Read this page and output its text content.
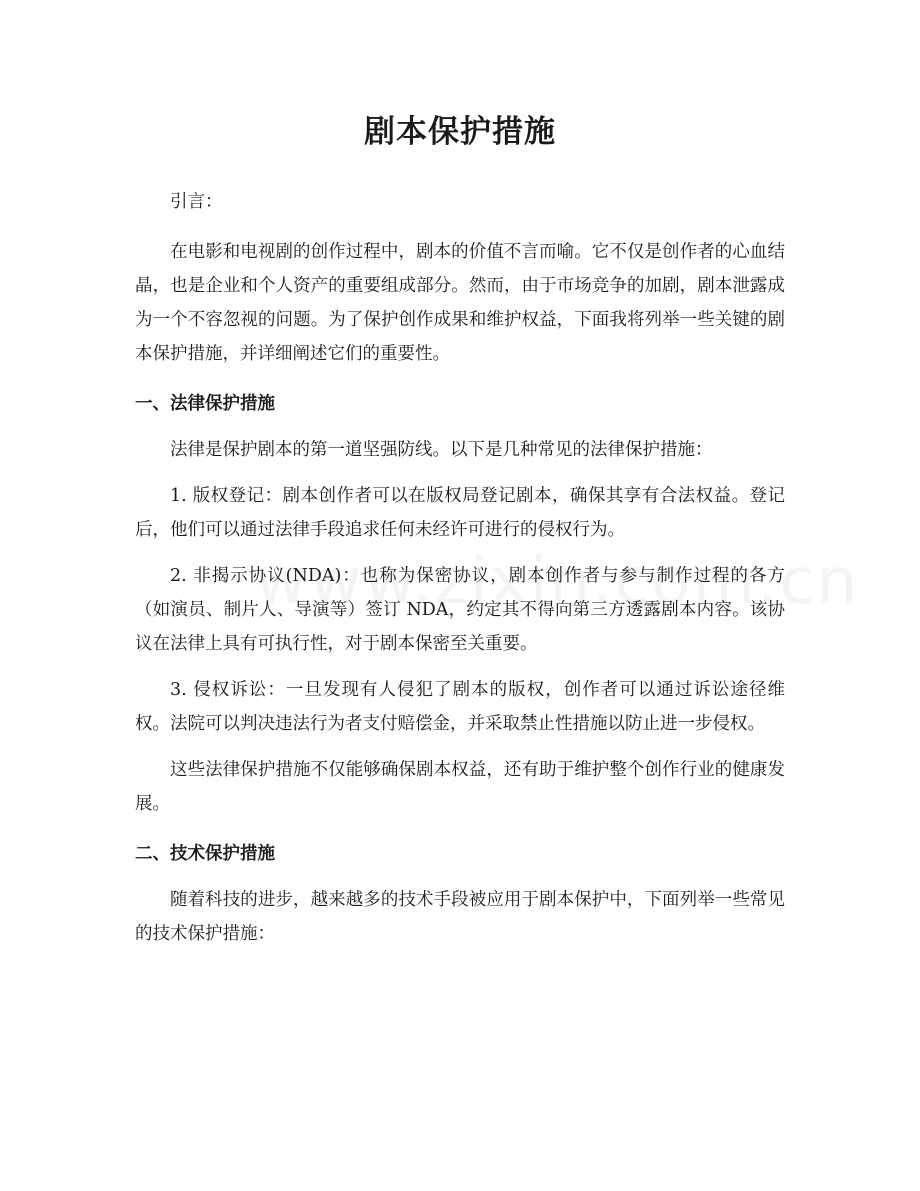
剧本保护措施

引言：

在电影和电视剧的创作过程中，剧本的价值不言而喻。它不仅是创作者的心血结晶，也是企业和个人资产的重要组成部分。然而，由于市场竞争的加剧，剧本泄露成为一个不容忽视的问题。为了保护创作成果和维护权益，下面我将列举一些关键的剧本保护措施，并详细阐述它们的重要性。

一、法律保护措施

法律是保护剧本的第一道坚强防线。以下是几种常见的法律保护措施：

1. 版权登记：剧本创作者可以在版权局登记剧本，确保其享有合法权益。登记后，他们可以通过法律手段追求任何未经许可进行的侵权行为。

2. 非揭示协议(NDA)：也称为保密协议，剧本创作者与参与制作过程的各方（如演员、制片人、导演等）签订 NDA，约定其不得向第三方透露剧本内容。该协议在法律上具有可执行性，对于剧本保密至关重要。

3. 侵权诉讼：一旦发现有人侵犯了剧本的版权，创作者可以通过诉讼途径维权。法院可以判决违法行为者支付赔偿金，并采取禁止性措施以防止进一步侵权。

这些法律保护措施不仅能够确保剧本权益，还有助于维护整个创作行业的健康发展。

二、技术保护措施

随着科技的进步，越来越多的技术手段被应用于剧本保护中，下面列举一些常见的技术保护措施：
